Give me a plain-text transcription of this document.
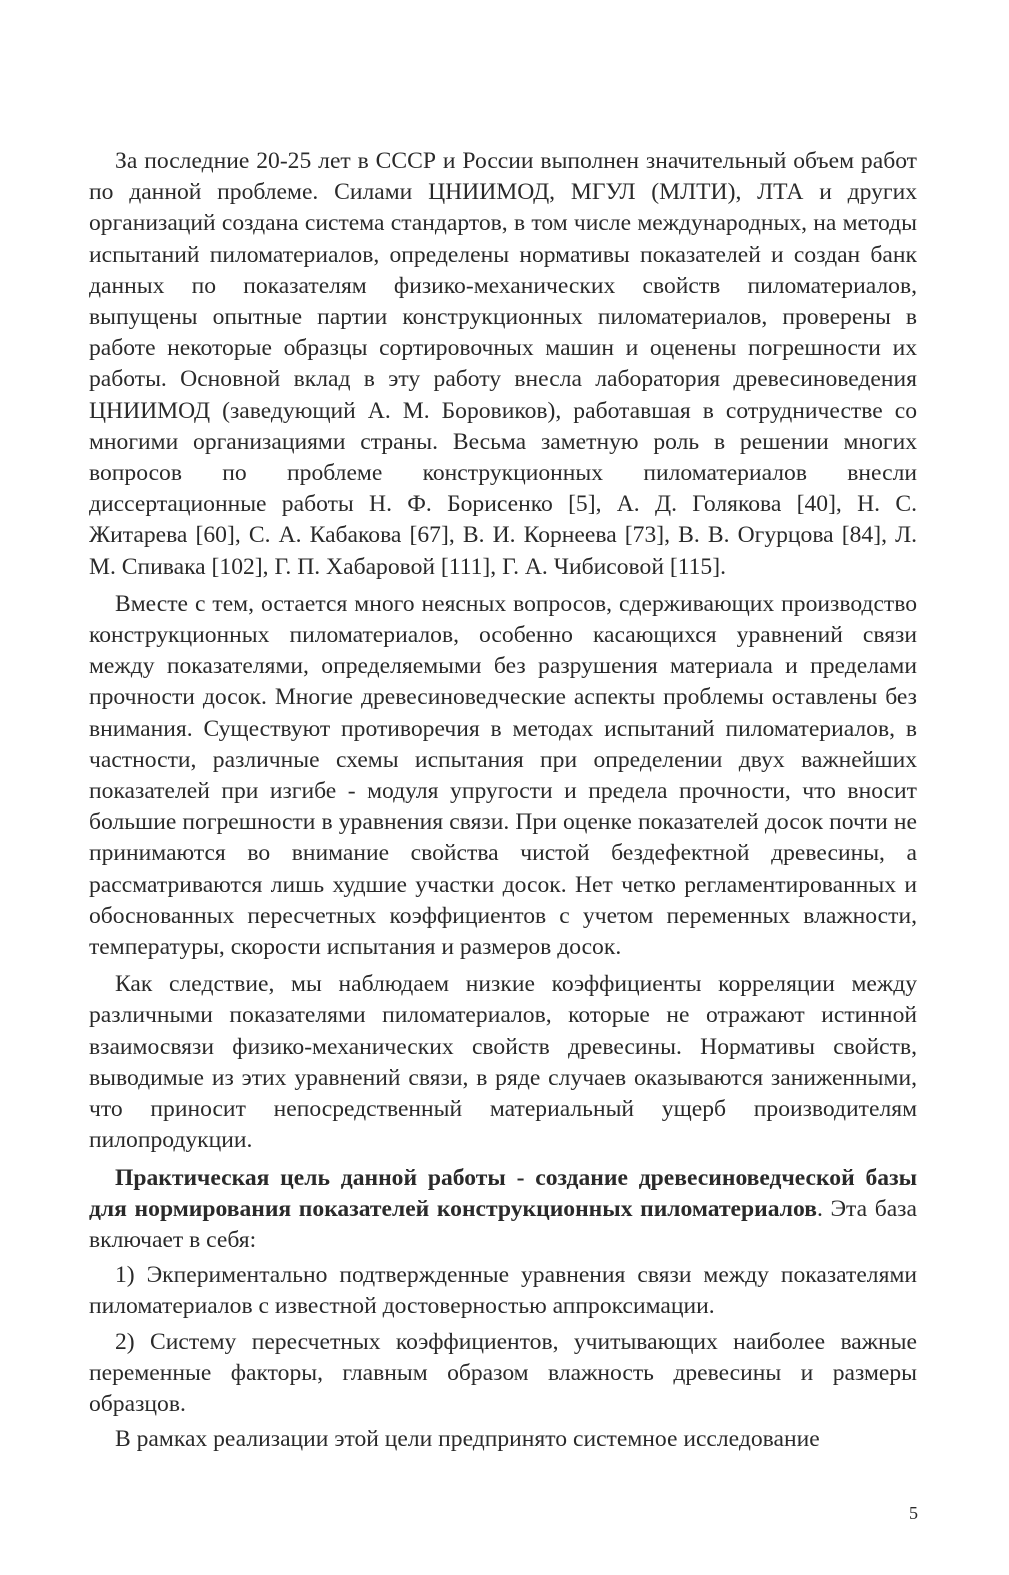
За последние 20-25 лет в СССР и России выполнен значительный объем работ по данной проблеме. Силами ЦНИИМОД, МГУЛ (МЛТИ), ЛТА и других организаций создана система стандартов, в том числе международных, на методы испытаний пиломатериалов, определены нормативы показателей и создан банк данных по показателям физико-механических свойств пиломатериалов, выпущены опытные партии конструкционных пиломатериалов, проверены в работе некоторые образцы сортировочных машин и оценены погрешности их работы. Основной вклад в эту работу внесла лаборатория древесиноведения ЦНИИМОД (заведующий А. М. Боровиков), работавшая в сотрудничестве со многими организациями страны. Весьма заметную роль в решении многих вопросов по проблеме конструкционных пиломатериалов внесли диссертационные работы Н. Ф. Борисенко [5], А. Д. Голякова [40], Н. С. Житарева [60], С. А. Кабакова [67], В. И. Корнеева [73], В. В. Огурцова [84], Л. М. Спивака [102], Г. П. Хабаровой [111], Г. А. Чибисовой [115].

Вместе с тем, остается много неясных вопросов, сдерживающих производство конструкционных пиломатериалов, особенно касающихся уравнений связи между показателями, определяемыми без разрушения материала и пределами прочности досок. Многие древесиноведческие аспекты проблемы оставлены без внимания. Существуют противоречия в методах испытаний пиломатериалов, в частности, различные схемы испытания при определении двух важнейших показателей при изгибе - модуля упругости и предела прочности, что вносит большие погрешности в уравнения связи. При оценке показателей досок почти не принимаются во внимание свойства чистой бездефектной древесины, а рассматриваются лишь худшие участки досок. Нет четко регламентированных и обоснованных пересчетных коэффициентов с учетом переменных влажности, температуры, скорости испытания и размеров досок.

Как следствие, мы наблюдаем низкие коэффициенты корреляции между различными показателями пиломатериалов, которые не отражают истинной взаимосвязи физико-механических свойств древесины. Нормативы свойств, выводимые из этих уравнений связи, в ряде случаев оказываются заниженными, что приносит непосредственный материальный ущерб производителям пилопродукции.

Практическая цель данной работы - создание древесиноведческой базы для нормирования показателей конструкционных пиломатериалов. Эта база включает в себя:

1) Экпериментально подтвержденные уравнения связи между показателями пиломатериалов с известной достоверностью аппроксимации.

2) Систему пересчетных коэффициентов, учитывающих наиболее важные переменные факторы, главным образом влажность древесины и размеры образцов.

В рамках реализации этой цели предпринято системное исследование

5
